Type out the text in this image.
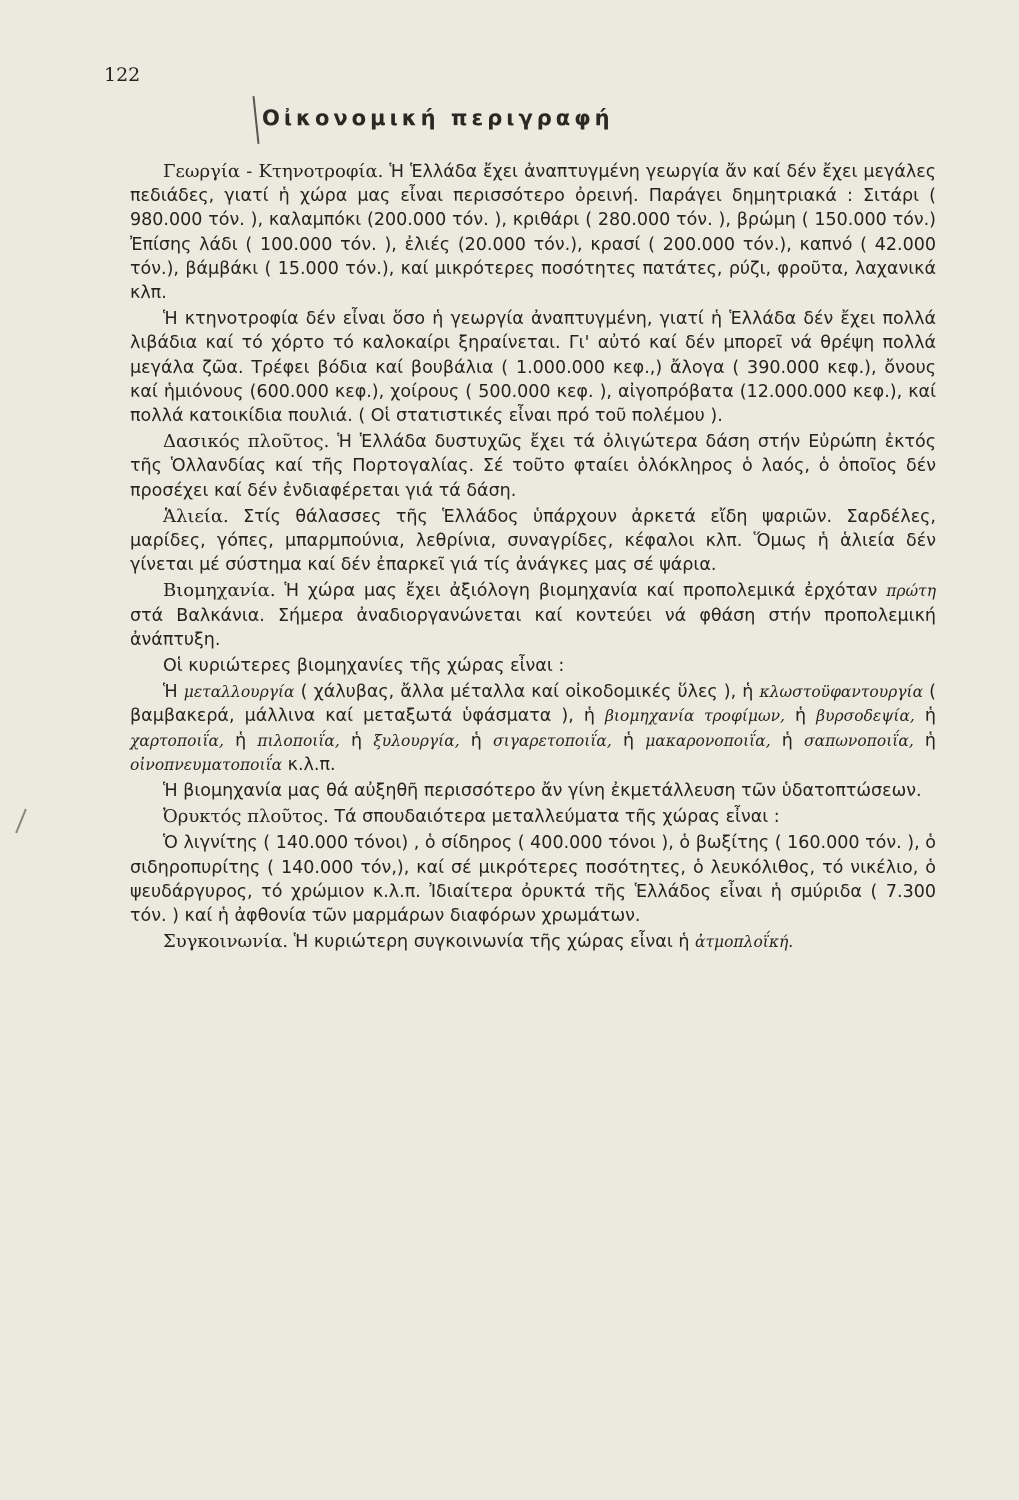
122
Οἰκονομική περιγραφή

Γεωργία - Κτηνοτροφία. Ἡ Ἑλλάδα ἔχει ἀναπτυγμένη γεωργία ἄν καί δέν ἔχει μεγάλες πεδιάδες, γιατί ἡ χώρα μας εἶναι περισσότερο ὀρεινή. Παράγει δημητριακά : Σιτάρι ( 980.000 τόν. ), καλαμπόκι (200.000 τόν. ), κριθάρι ( 280.000 τόν. ), βρώμη ( 150.000 τόν.) Ἐπίσης λάδι ( 100.000 τόν. ), ἐλιές (20.000 τόν.), κρασί ( 200.000 τόν.), καπνό ( 42.000 τόν.), βάμβάκι ( 15.000 τόν.), καί μικρότερες ποσότητες πατάτες, ρύζι, φροῦτα, λαχανικά κλπ.

Ἡ κτηνοτροφία δέν εἶναι ὅσο ἡ γεωργία ἀναπτυγμένη, γιατί ἡ Ἑλλάδα δέν ἔχει πολλά λιβάδια καί τό χόρτο τό καλοκαίρι ξηραίνεται. Γι' αὐτό καί δέν μπορεῖ νά θρέψη πολλά μεγάλα ζῶα. Τρέφει βόδια καί βουβάλια ( 1.000.000 κεφ.,) ἄλογα ( 390.000 κεφ.), ὄνους καί ἡμιόνους (600.000 κεφ.), χοίρους ( 500.000 κεφ. ), αἰγοπρόβατα (12.000.000 κεφ.), καί πολλά κατοικίδια πουλιά. ( Οἱ στατιστικές εἶναι πρό τοῦ πολέμου ).

Δασικός πλοῦτος. Ἡ Ἑλλάδα δυστυχῶς ἔχει τά ὀλιγώτερα δάση στήν Εὐρώπη ἐκτός τῆς Ὁλλανδίας καί τῆς Πορτογαλίας. Σέ τοῦτο φταίει ὁλόκληρος ὁ λαός, ὁ ὁποῖος δέν προσέχει καί δέν ἐνδιαφέρεται γιά τά δάση.

Ἁλιεία. Στίς θάλασσες τῆς Ἑλλάδος ὑπάρχουν ἀρκετά εἴδη ψαριῶν. Σαρδέλες, μαρίδες, γόπες, μπαρμπούνια, λεθρίνια, συναγρίδες, κέφαλοι κλπ. Ὅμως ἡ ἁλιεία δέν γίνεται μέ σύστημα καί δέν ἐπαρκεῖ γιά τίς ἀνάγκες μας σέ ψάρια.

Βιομηχανία. Ἡ χώρα μας ἔχει ἀξιόλογη βιομηχανία καί προπολεμικά ἐρχόταν πρώτη στά Βαλκάνια. Σήμερα ἀναδιοργανώνεται καί κοντεύει νά φθάση στήν προπολεμική ἀνάπτυξη.

Οἱ κυριώτερες βιομηχανίες τῆς χώρας εἶναι :

Ἡ μεταλλουργία ( χάλυβας, ἄλλα μέταλλα καί οἰκοδομικές ὕλες ), ἡ κλωστοϋφαντουργία ( βαμβακερά, μάλλινα καί μεταξωτά ὑφάσματα ), ἡ βιομηχανία τροφίμων, ἡ βυρσοδεψία, ἡ χαρτοποιΐα, ἡ πιλοποιΐα, ἡ ξυλουργία, ἡ σιγαρετοποιΐα, ἡ μακαρονοποιΐα, ἡ σαπωνοποιΐα, ἡ οἰνοπνευματοποιΐα κ.λ.π.

Ἡ βιομηχανία μας θά αὐξηθῆ περισσότερο ἄν γίνη ἐκμετάλλευση τῶν ὑδατοπτώσεων.

Ὀρυκτός πλοῦτος. Τά σπουδαιότερα μεταλλεύματα τῆς χώρας εἶναι :

Ὁ λιγνίτης ( 140.000 τόνοι) , ὁ σίδηρος ( 400.000 τόνοι ), ὁ βωξίτης ( 160.000 τόν. ), ὁ σιδηροπυρίτης ( 140.000 τόν,), καί σέ μικρότερες ποσότητες, ὁ λευκόλιθος, τό νικέλιο, ὁ ψευδάργυρος, τό χρώμιον κ.λ.π. Ἰδιαίτερα ὀρυκτά τῆς Ἑλλάδος εἶναι ἡ σμύριδα ( 7.300 τόν. ) καί ἡ ἀφθονία τῶν μαρμάρων διαφόρων χρωμάτων.

Συγκοινωνία. Ἡ κυριώτερη συγκοινωνία τῆς χώρας εἶναι ἡ ἀτμοπλοΐκή.
